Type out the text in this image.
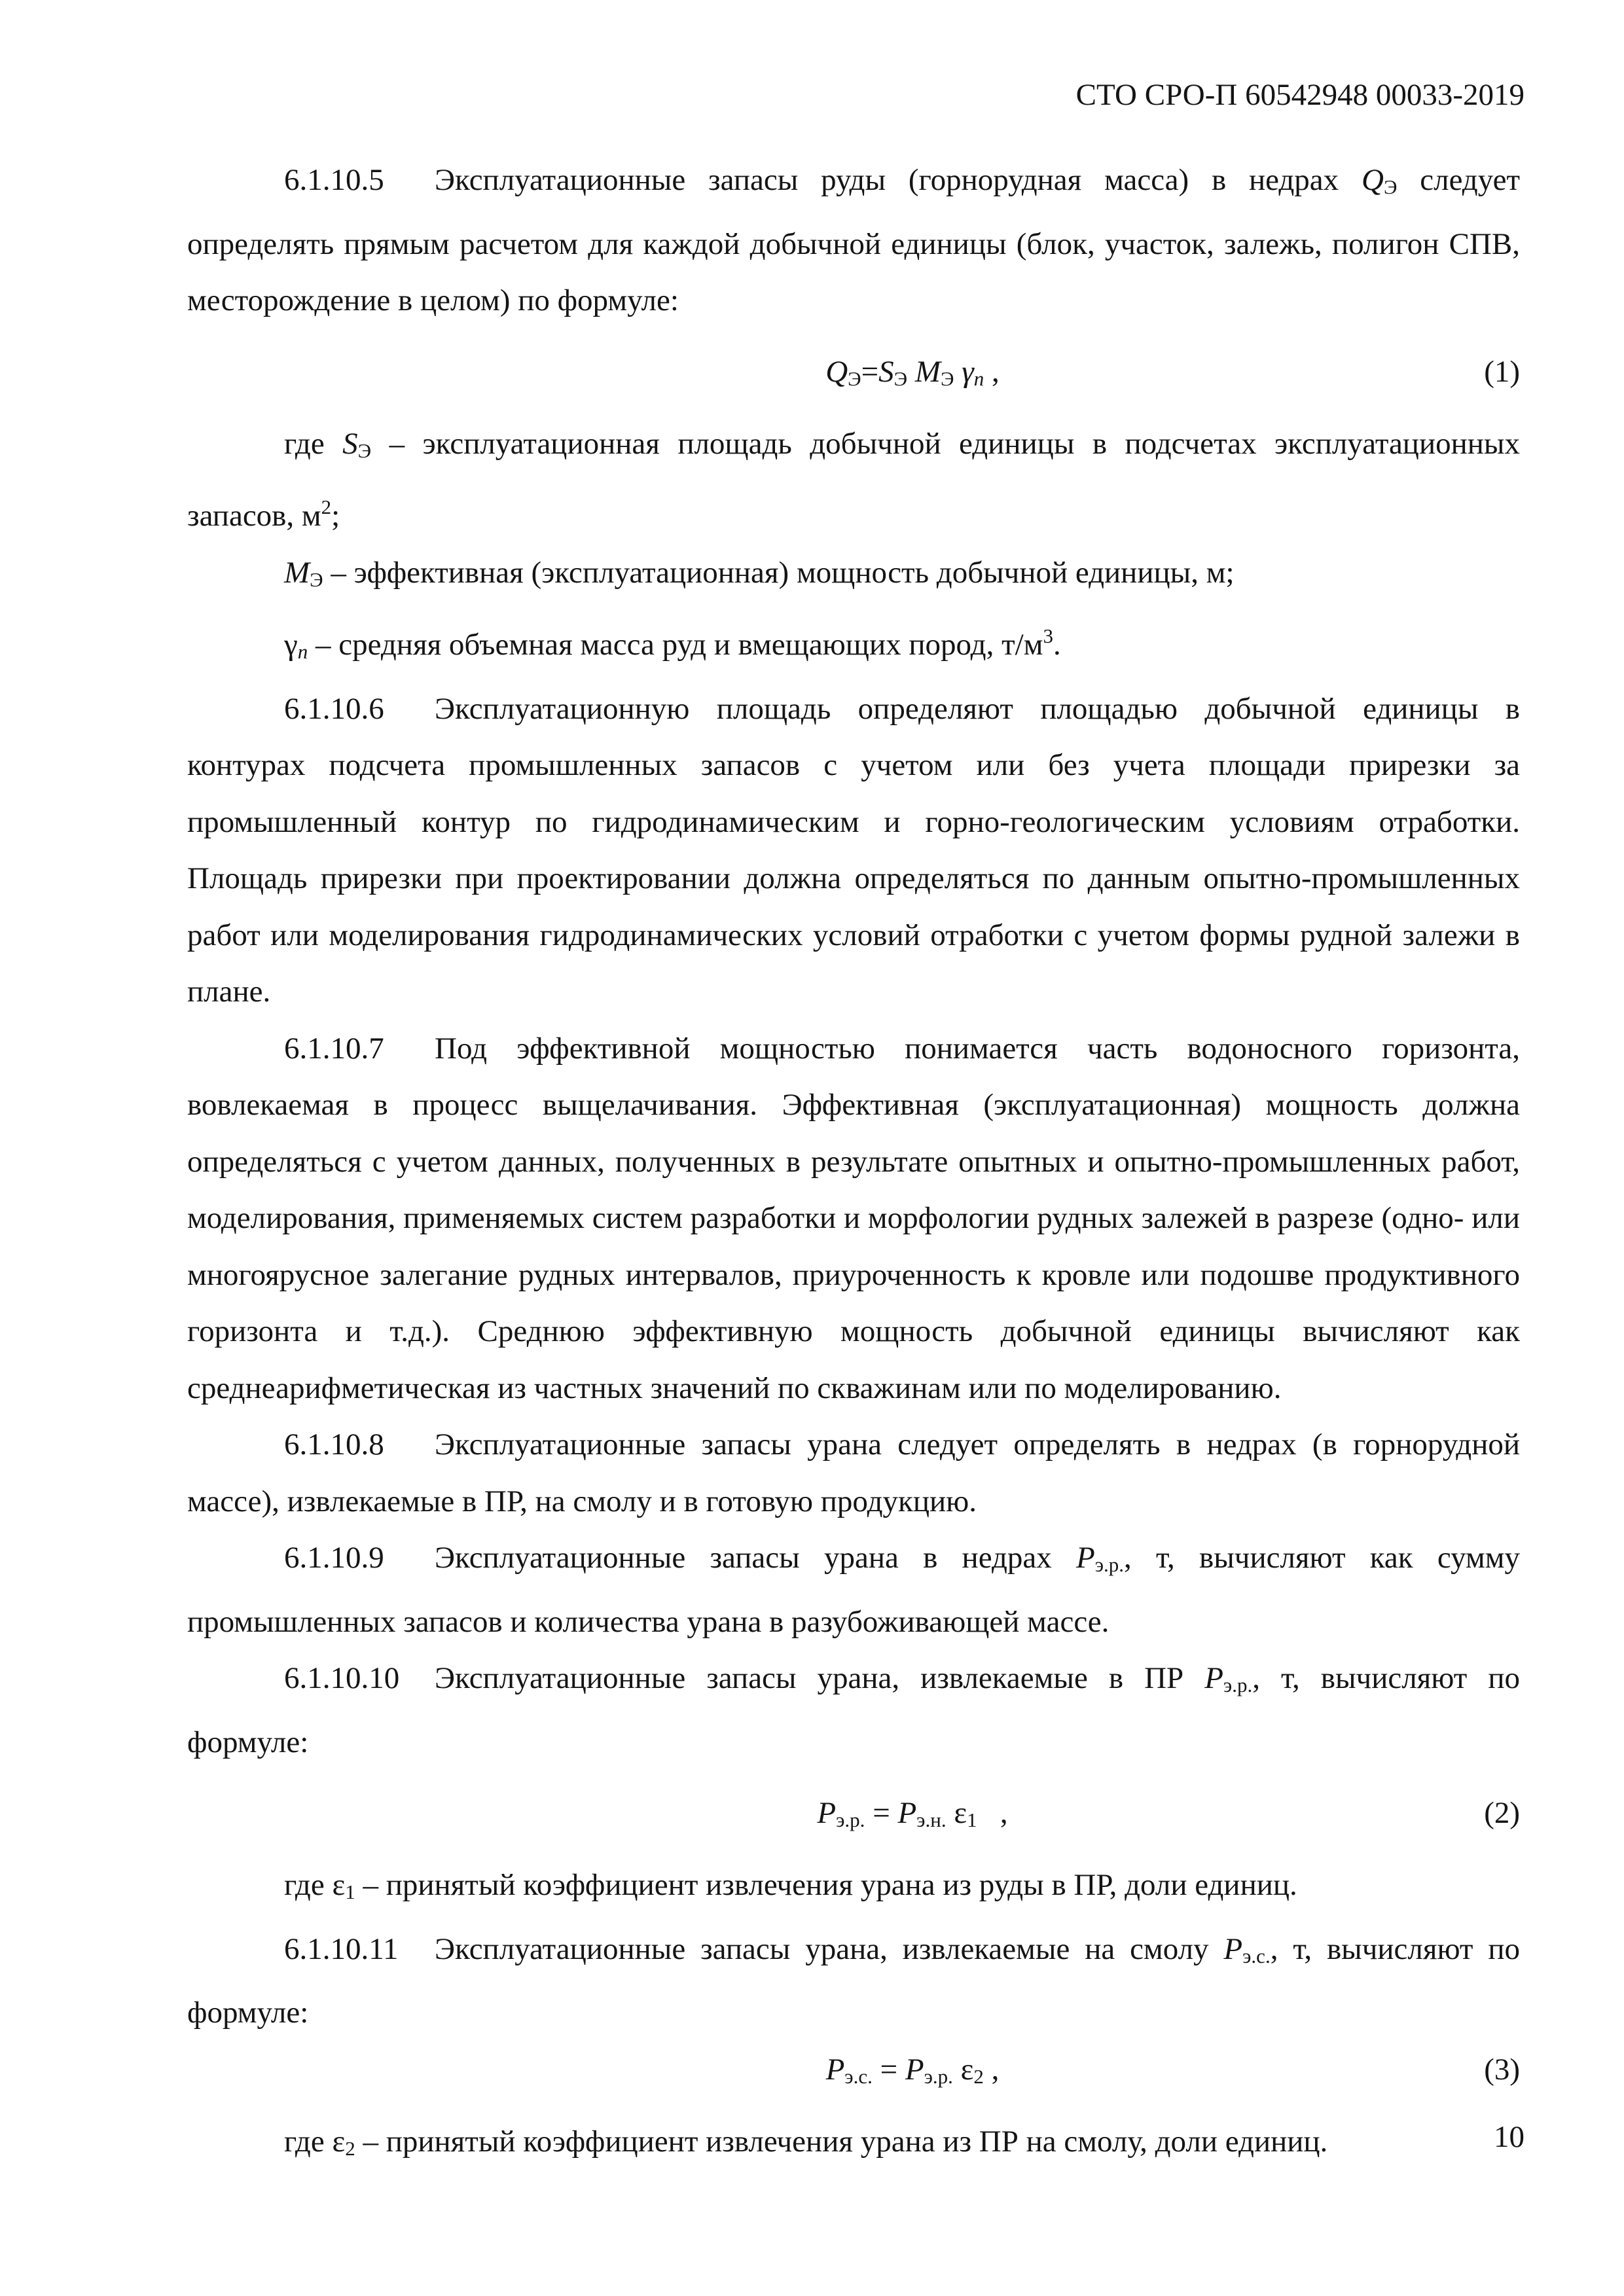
СТО СРО-П 60542948 00033-2019

6.1.10.5 Эксплуатационные запасы руды (горнорудная масса) в недрах QЭ следует определять прямым расчетом для каждой добычной единицы (блок, участок, залежь, полигон СПВ, месторождение в целом) по формуле:

QЭ=SЭ MЭ γn ,	(1)

где SЭ – эксплуатационная площадь добычной единицы в подсчетах эксплуатационных запасов, $м^2$;

MЭ – эффективная (эксплуатационная) мощность добычной единицы, м;

γn – средняя объемная масса руд и вмещающих пород, $т/м^3$.

6.1.10.6 Эксплуатационную площадь определяют площадью добычной единицы в контурах подсчета промышленных запасов с учетом или без учета площади прирезки за промышленный контур по гидродинамическим и горно-геологическим условиям отработки. Площадь прирезки при проектировании должна определяться по данным опытно-промышленных работ или моделирования гидродинамических условий отработки с учетом формы рудной залежи в плане.

6.1.10.7 Под эффективной мощностью понимается часть водоносного горизонта, вовлекаемая в процесс выщелачивания. Эффективная (эксплуатационная) мощность должна определяться с учетом данных, полученных в результате опытных и опытно-промышленных работ, моделирования, применяемых систем разработки и морфологии рудных залежей в разрезе (одно- или многоярусное залегание рудных интервалов, приуроченность к кровле или подошве продуктивного горизонта и т.д.). Среднюю эффективную мощность добычной единицы вычисляют как среднеарифметическая из частных значений по скважинам или по моделированию.

6.1.10.8 Эксплуатационные запасы урана следует определять в недрах (в горнорудной массе), извлекаемые в ПР, на смолу и в готовую продукцию.

6.1.10.9 Эксплуатационные запасы урана в недрах Pэ.р., т, вычисляют как сумму промышленных запасов и количества урана в разубоживающей массе.

6.1.10.10 Эксплуатационные запасы урана, извлекаемые в ПР Pэ.р., т, вычисляют по формуле:

Pэ.р. = Pэ.н. ε1   ,	(2)

где ε1 – принятый коэффициент извлечения урана из руды в ПР, доли единиц.

6.1.10.11 Эксплуатационные запасы урана, извлекаемые на смолу Pэ.с., т, вычисляют по формуле:

Pэ.с. = Pэ.р. ε2 ,	(3)

где ε2 – принятый коэффициент извлечения урана из ПР на смолу, доли единиц.	10
